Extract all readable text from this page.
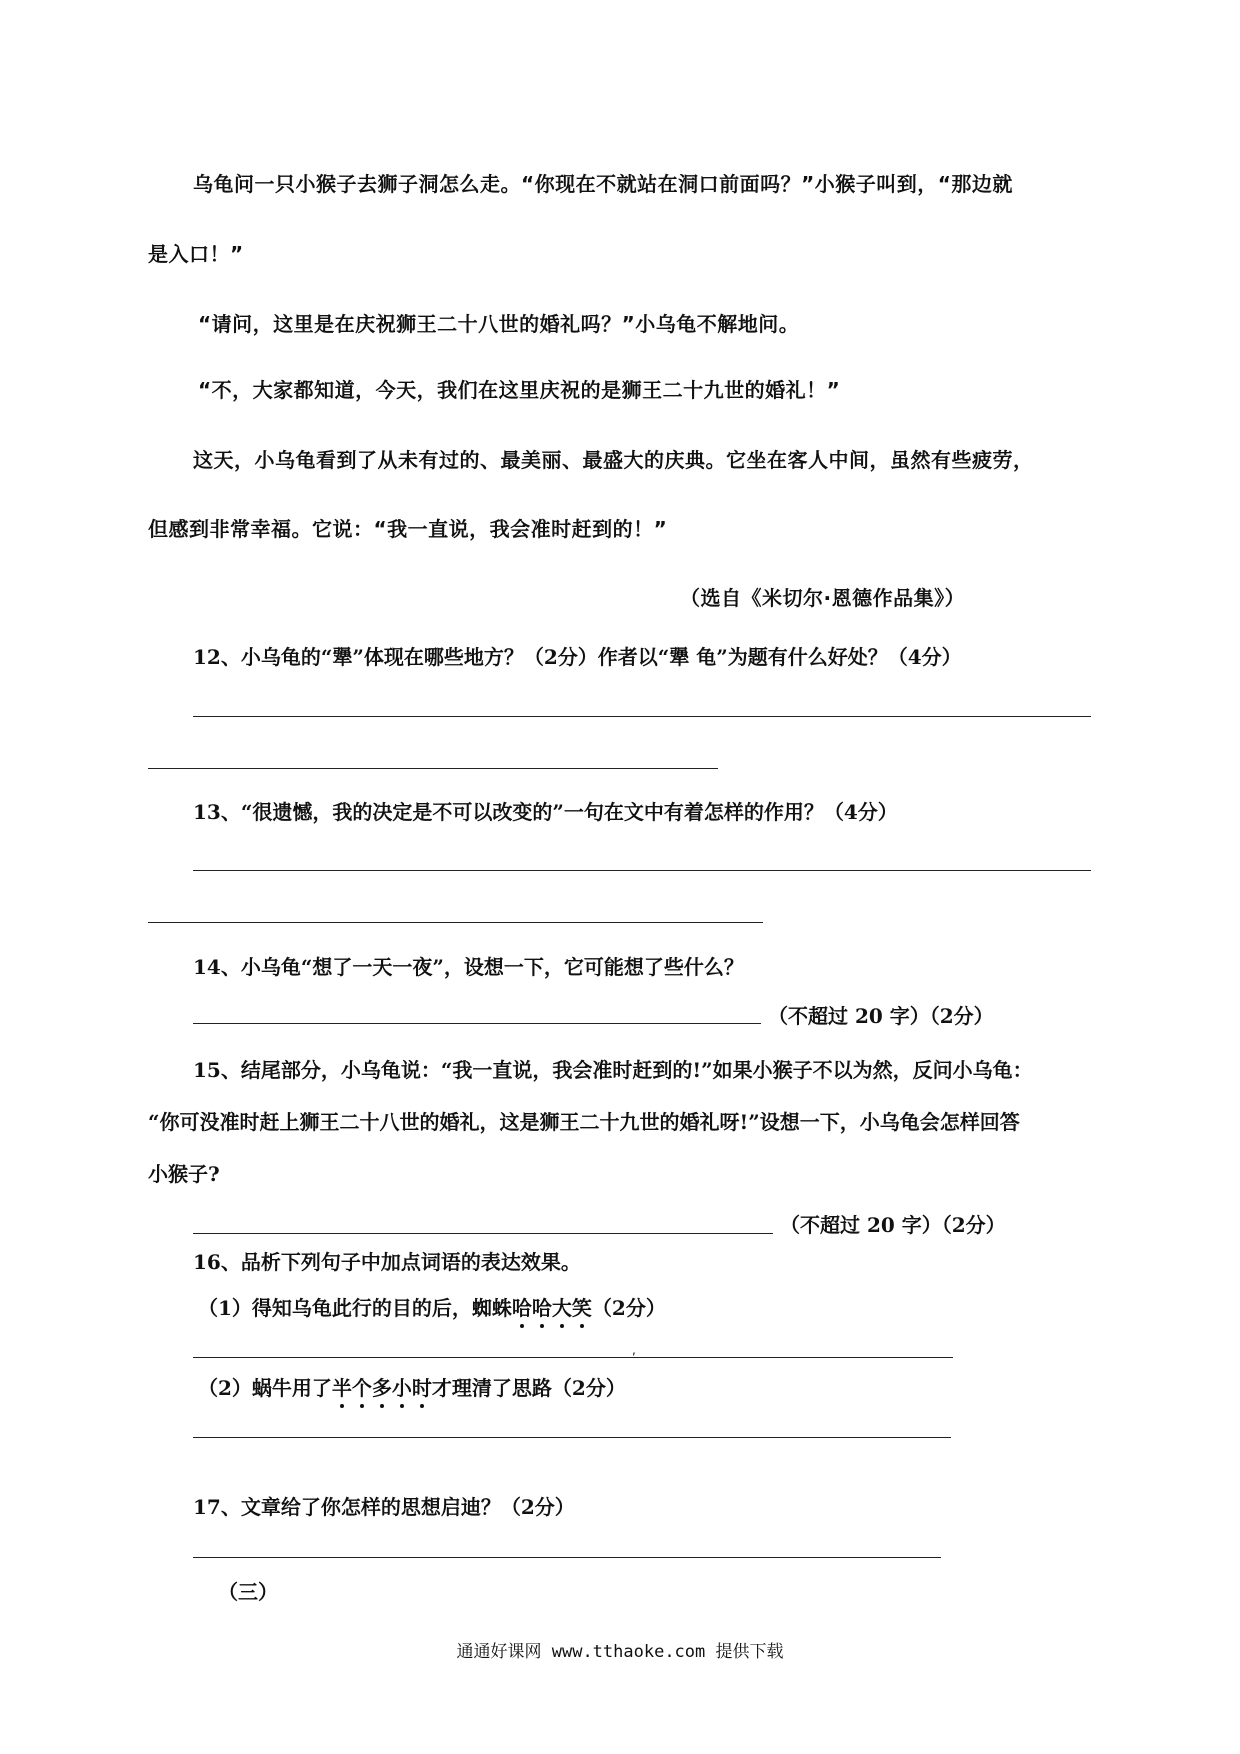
乌龟问一只小猴子去狮子洞怎么走。“你现在不就站在洞口前面吗？”小猴子叫到，“那边就

是入口！”

“请问，这里是在庆祝狮王二十八世的婚礼吗？”小乌龟不解地问。

“不，大家都知道，今天，我们在这里庆祝的是狮王二十九世的婚礼！”

这天，小乌龟看到了从未有过的、最美丽、最盛大的庆典。它坐在客人中间，虽然有些疲劳，

但感到非常幸福。它说：“我一直说，我会准时赶到的！”

（选自《米切尔·恩德作品集》）

12、小乌龟的“犟”体现在哪些地方？（2分）作者以“犟 龟”为题有什么好处？（4分）

13、“很遗憾，我的决定是不可以改变的”一句在文中有着怎样的作用？（4分）

14、小乌龟“想了一天一夜”，设想一下，它可能想了些什么？

（不超过 20 字）（2分）

15、结尾部分，小乌龟说：“我一直说，我会准时赶到的!”如果小猴子不以为然，反问小乌龟：

“你可没准时赶上狮王二十八世的婚礼，这是狮王二十九世的婚礼呀!”设想一下，小乌龟会怎样回答

小猴子?

（不超过 20 字）（2分）

16、品析下列句子中加点词语的表达效果。

（1）得知乌龟此行的目的后，蜘蛛哈哈大笑（2分）

,

（2）蜗牛用了半个多小时才理清了思路（2分）

17、文章给了你怎样的思想启迪？（2分）

（三）

通通好课网 www.tthaoke.com 提供下载
